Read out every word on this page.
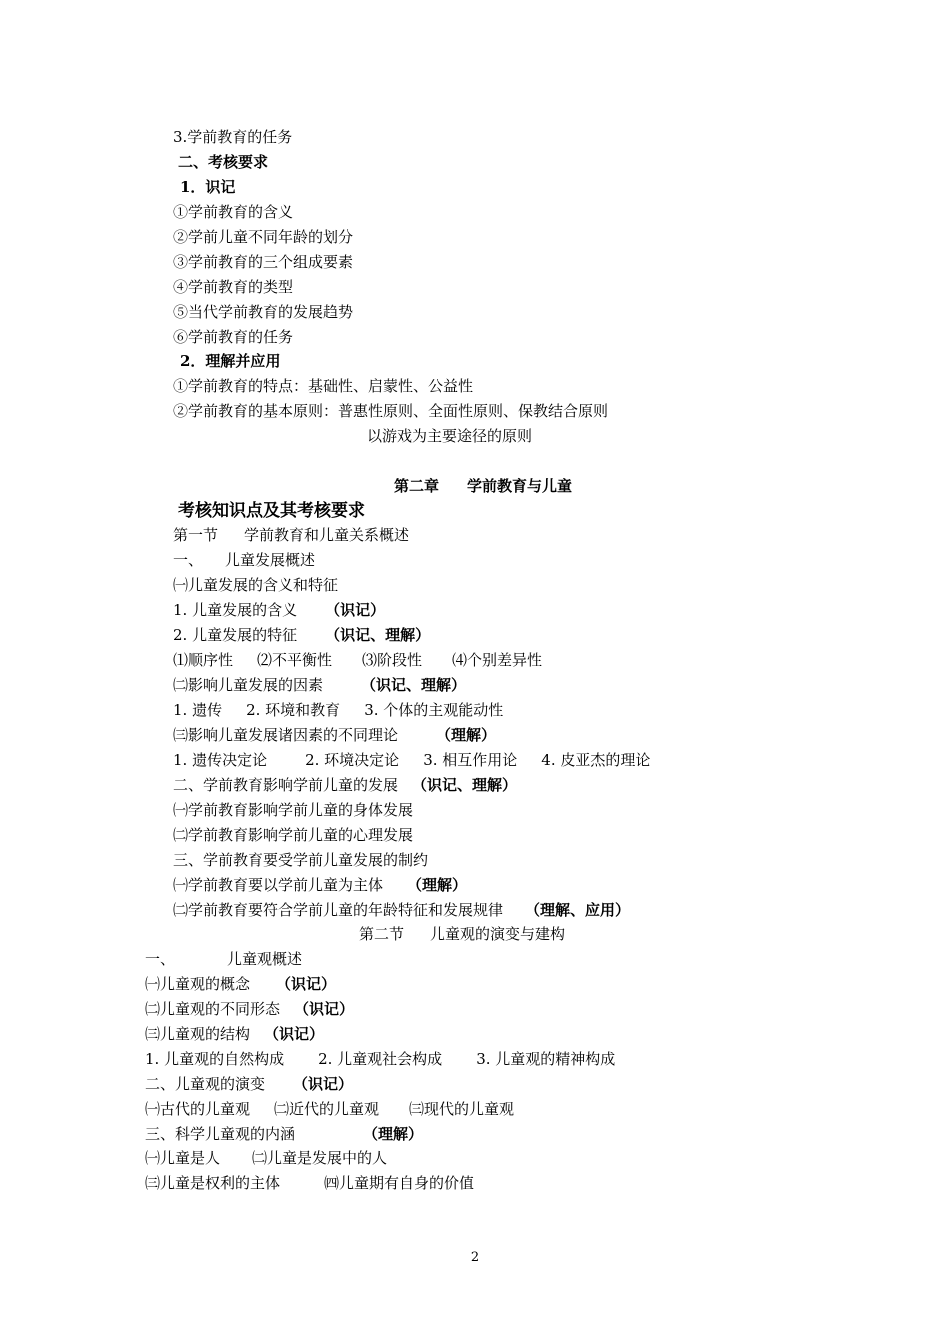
3.学前教育的任务
二、考核要求
1．识记
①学前教育的含义
②学前儿童不同年龄的划分
③学前教育的三个组成要素
④学前教育的类型
⑤当代学前教育的发展趋势
⑥学前教育的任务
2．理解并应用
①学前教育的特点：基础性、启蒙性、公益性
②学前教育的基本原则：普惠性原则、全面性原则、保教结合原则
以游戏为主要途径的原则
第二章 学前教育与儿童
考核知识点及其考核要求
第一节 学前教育和儿童关系概述
一、 儿童发展概述
㈠儿童发展的含义和特征
1. 儿童发展的含义 （识记）
2. 儿童发展的特征 （识记、理解）
⑴顺序性 ⑵不平衡性 ⑶阶段性 ⑷个别差异性
㈡影响儿童发展的因素	（识记、理解）
1. 遗传 2. 环境和教育 3. 个体的主观能动性
㈢影响儿童发展诸因素的不同理论	（理解）
1. 遗传决定论	2. 环境决定论 3. 相互作用论 4. 皮亚杰的理论
二、学前教育影响学前儿童的发展 （识记、理解）
㈠学前教育影响学前儿童的身体发展
㈡学前教育影响学前儿童的心理发展
三、学前教育要受学前儿童发展的制约
㈠学前教育要以学前儿童为主体 （理解）
㈡学前教育要符合学前儿童的年龄特征和发展规律 （理解、应用）
第二节 儿童观的演变与建构
一、	儿童观概述
㈠儿童观的概念 （识记）
㈡儿童观的不同形态 （识记）
㈢儿童观的结构 （识记）
1. 儿童观的自然构成 2. 儿童观社会构成 3. 儿童观的精神构成
二、儿童观的演变 （识记）
㈠古代的儿童观 ㈡近代的儿童观 ㈢现代的儿童观
三、科学儿童观的内涵	（理解）
㈠儿童是人 ㈡儿童是发展中的人
㈢儿童是权利的主体	㈣儿童期有自身的价值
2
